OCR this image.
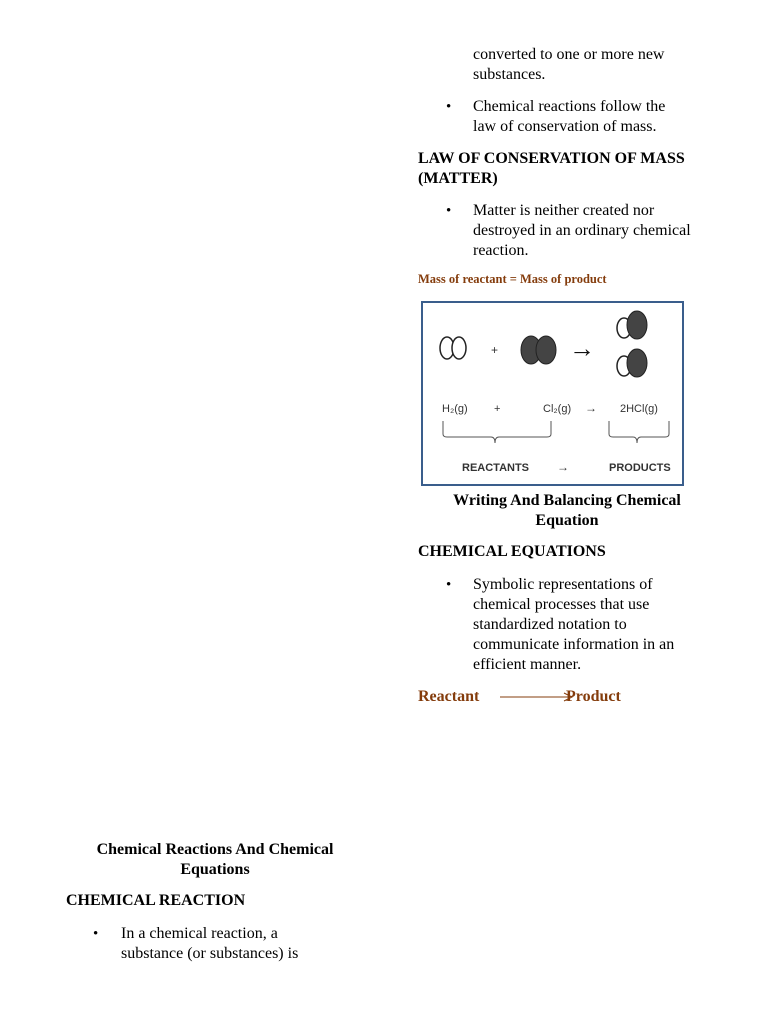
converted to one or more new
substances.
• Chemical reactions follow the
law of conservation of mass.
LAW OF CONSERVATION OF MASS
(MATTER)
• Matter is neither created nor
destroyed in an ordinary chemical
reaction.
Mass of reactant = Mass of product
+	→
H₂(g) +	Cl₂(g) → 2HCl(g)
REACTANTS →	PRODUCTS
Writing And Balancing Chemical
Equation
CHEMICAL EQUATIONS
• Symbolic representations of
chemical processes that use
standardized notation to
communicate information in an
efficient manner.
Reactant	Product
Chemical Reactions And Chemical
Equations
CHEMICAL REACTION
• In a chemical reaction, a
substance (or substances) is
